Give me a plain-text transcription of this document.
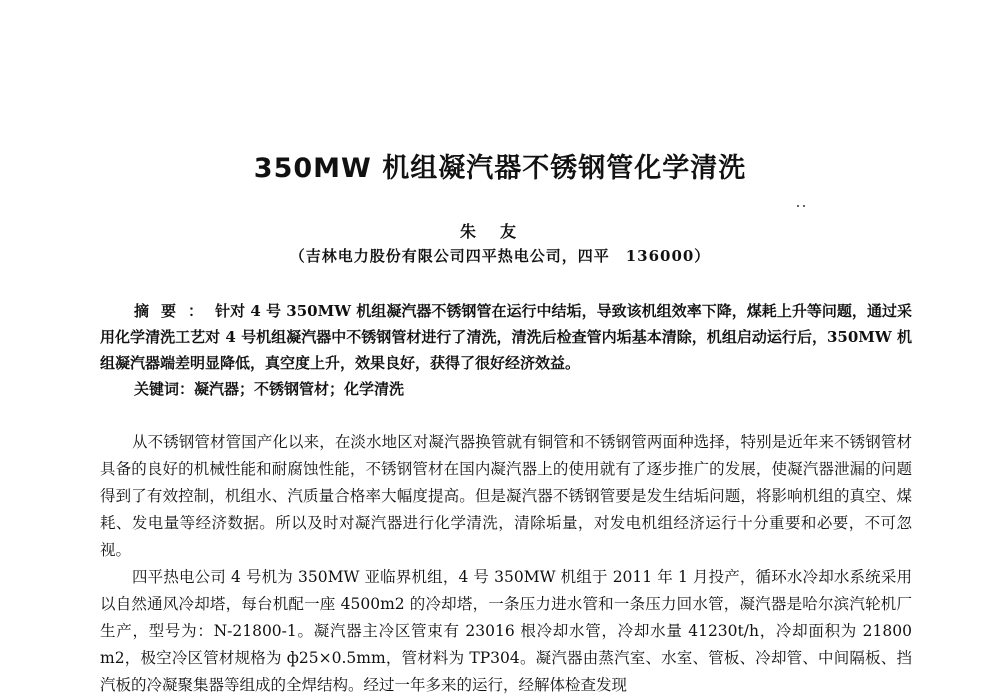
350MW 机组凝汽器不锈钢管化学清洗
朱友
（吉林电力股份有限公司四平热电公司，四平　136000）

摘要：针对 4 号 350MW 机组凝汽器不锈钢管在运行中结垢，导致该机组效率下降，煤耗上升等问题，通过采用化学清洗工艺对 4 号机组凝汽器中不锈钢管材进行了清洗，清洗后检查管内垢基本清除，机组启动运行后，350MW 机组凝汽器端差明显降低，真空度上升，效果良好，获得了很好经济效益。

关键词：凝汽器；不锈钢管材；化学清洗

从不锈钢管材管国产化以来，在淡水地区对凝汽器换管就有铜管和不锈钢管两面种选择，特别是近年来不锈钢管材具备的良好的机械性能和耐腐蚀性能，不锈钢管材在国内凝汽器上的使用就有了逐步推广的发展，使凝汽器泄漏的问题得到了有效控制，机组水、汽质量合格率大幅度提高。但是凝汽器不锈钢管要是发生结垢问题，将影响机组的真空、煤耗、发电量等经济数据。所以及时对凝汽器进行化学清洗，清除垢量，对发电机组经济运行十分重要和必要，不可忽视。

四平热电公司 4 号机为 350MW 亚临界机组，4 号 350MW 机组于 2011 年 1 月投产，循环水冷却水系统采用以自然通风冷却塔，每台机配一座 4500m2 的冷却塔，一条压力进水管和一条压力回水管，凝汽器是哈尔滨汽轮机厂生产，型号为：N-21800-1。凝汽器主冷区管束有 23016 根冷却水管，冷却水量 41230t/h，冷却面积为 21800 m2，极空冷区管材规格为 ф25×0.5mm，管材料为 TP304。凝汽器由蒸汽室、水室、管板、冷却管、中间隔板、挡汽板的冷凝聚集器等组成的全焊结构。经过一年多来的运行，经解体检查发现
